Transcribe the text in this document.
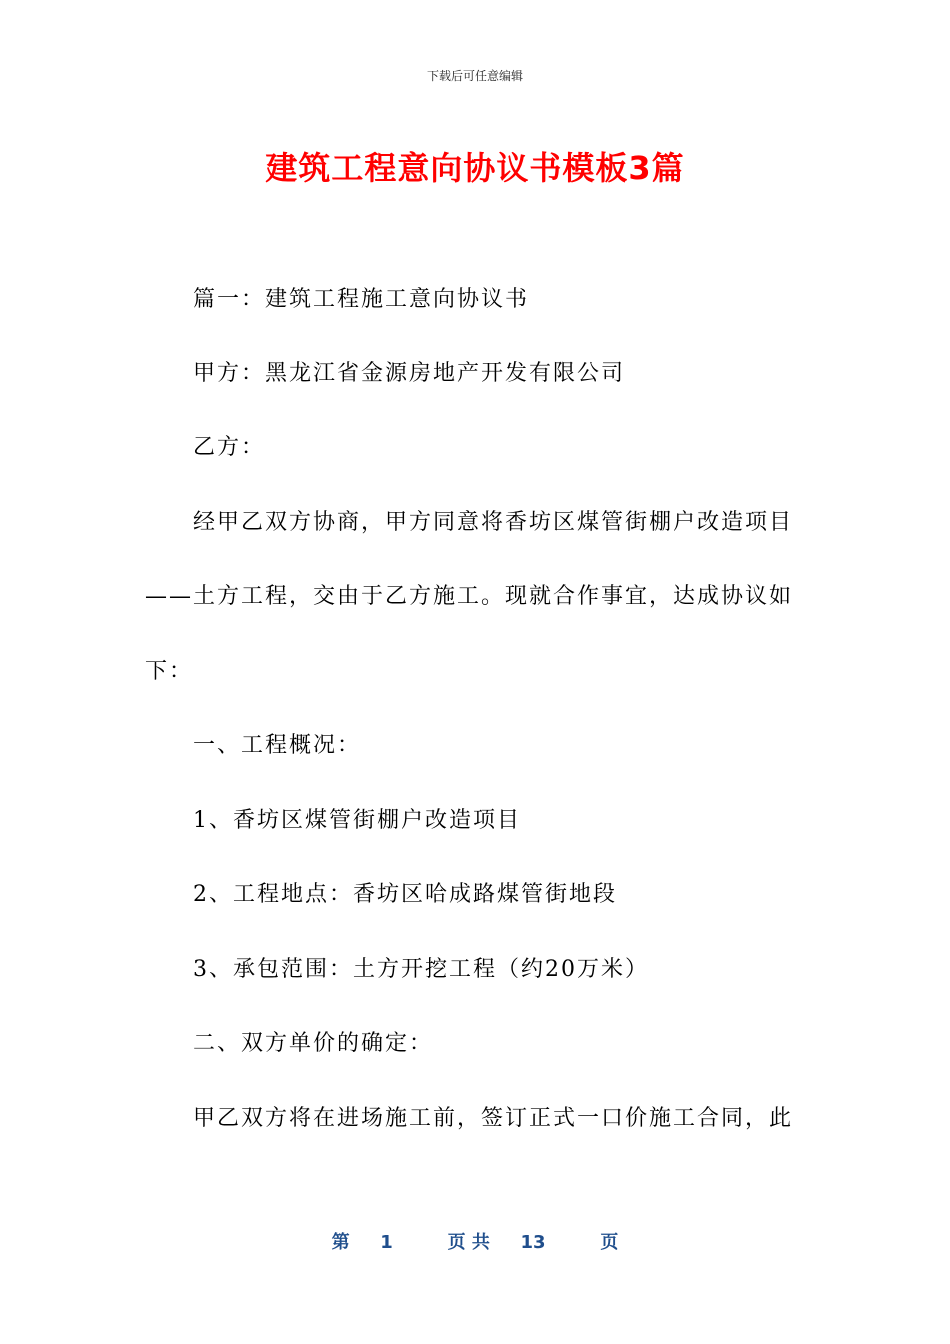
下载后可任意编辑
建筑工程意向协议书模板3篇
篇一：建筑工程施工意向协议书
甲方：黑龙江省金源房地产开发有限公司
乙方：
经甲乙双方协商，甲方同意将香坊区煤管街棚户改造项目
——土方工程，交由于乙方施工。现就合作事宜，达成协议如
下：
一、工程概况：
1、香坊区煤管街棚户改造项目
2、工程地点：香坊区哈成路煤管街地段
3、承包范围：土方开挖工程（约20万米）
二、双方单价的确定：
甲乙双方将在进场施工前，签订正式一口价施工合同，此
第 1	页 共 13	页
